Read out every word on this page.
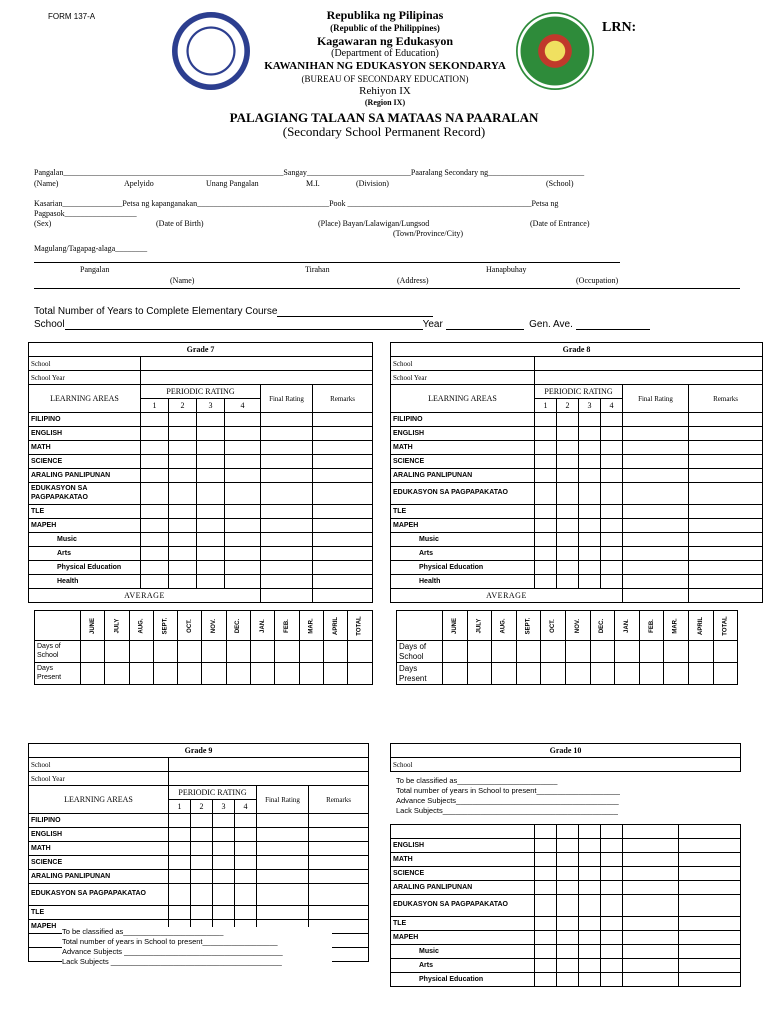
FORM 137-A
LRN:
Republika ng Pilipinas
(Republic of the Philippines)
Kagawaran ng Edukasyon
(Department of Education)
KAWANIHAN NG EDUKASYON SEKONDARYA
(BUREAU OF SECONDARY EDUCATION)
Rehiyon IX
(Region IX)
PALAGIANG TALAAN SA MATAAS NA PAARALAN
(Secondary School Permanent Record)
Pangalan_______________________________________________________Sangay__________________________Paaralang Secondary ng________________________
(Name)	Apelyido	Unang Pangalan	M.I.	(Division)	(School)
Kasarian_______________Petsa ng kapanganakan_________________________________Pook ______________________________________________Petsa ng
Pagpasok__________________
(Sex)	(Date of Birth)	(Place) Bayan/Lalawigan/Lungsod	(Date of Entrance)
(Town/Province/City)
Magulang/Tagapag-alaga________
Pangalan	Tirahan	Hanapbuhay
(Name)	(Address)	(Occupation)
Total Number of Years to Complete Elementary Course
School	Year	Gen. Ave.
Grade 7						
School						
School Year						
LEARNING AREAS	PERIODIC RATING				Final Rating	Remarks
	1	2	3	4		
FILIPINO						
ENGLISH						
MATH						
SCIENCE						
ARALING PANLIPUNAN						
EDUKASYON SA PAGPAPAKATAO						
TLE						
MAPEH						
Music						
Arts						
Physical Education						
Health						
AVERAGE						
	JUNE	JULY	AUG.	SEPT.	OCT.	NOV.	DEC.	JAN.	FEB.	MAR.	APRIL	TOTAL
Days of School												
Days Present												
Grade 8						
School						
School Year						
LEARNING AREAS	PERIODIC RATING				Final Rating	Remarks
	1	2	3	4		
FILIPINO						
ENGLISH						
MATH						
SCIENCE						
ARALING PANLIPUNAN						
EDUKASYON SA PAGPAPAKATAO						
TLE						
MAPEH						
Music						
Arts						
Physical Education						
Health						
AVERAGE						
	JUNE	JULY	AUG.	SEPT.	OCT.	NOV.	DEC.	JAN.	FEB.	MAR.	APRIL	TOTAL
Days of School												
Days Present												
Grade 9						
School						
School Year						
LEARNING AREAS	PERIODIC RATING				Final Rating	Remarks
	1	2	3	4		
FILIPINO						
ENGLISH						
MATH						
SCIENCE						
ARALING PANLIPUNAN						
EDUKASYON SA PAGPAPAKATAO						
TLE						
MAPEH						

To be classified as________________________
Total number of years in School to present__________________
Advance Subjects ______________________________________
Lack Subjects _________________________________________
Grade 10
School
To be classified as________________________
Total number of years in School to present____________________
Advance Subjects_______________________________________
Lack Subjects__________________________________________

ENGLISH						
MATH						
SCIENCE						
ARALING PANLIPUNAN						
EDUKASYON SA PAGPAPAKATAO						
TLE						
MAPEH						
Music						
Arts						
Physical Education						
